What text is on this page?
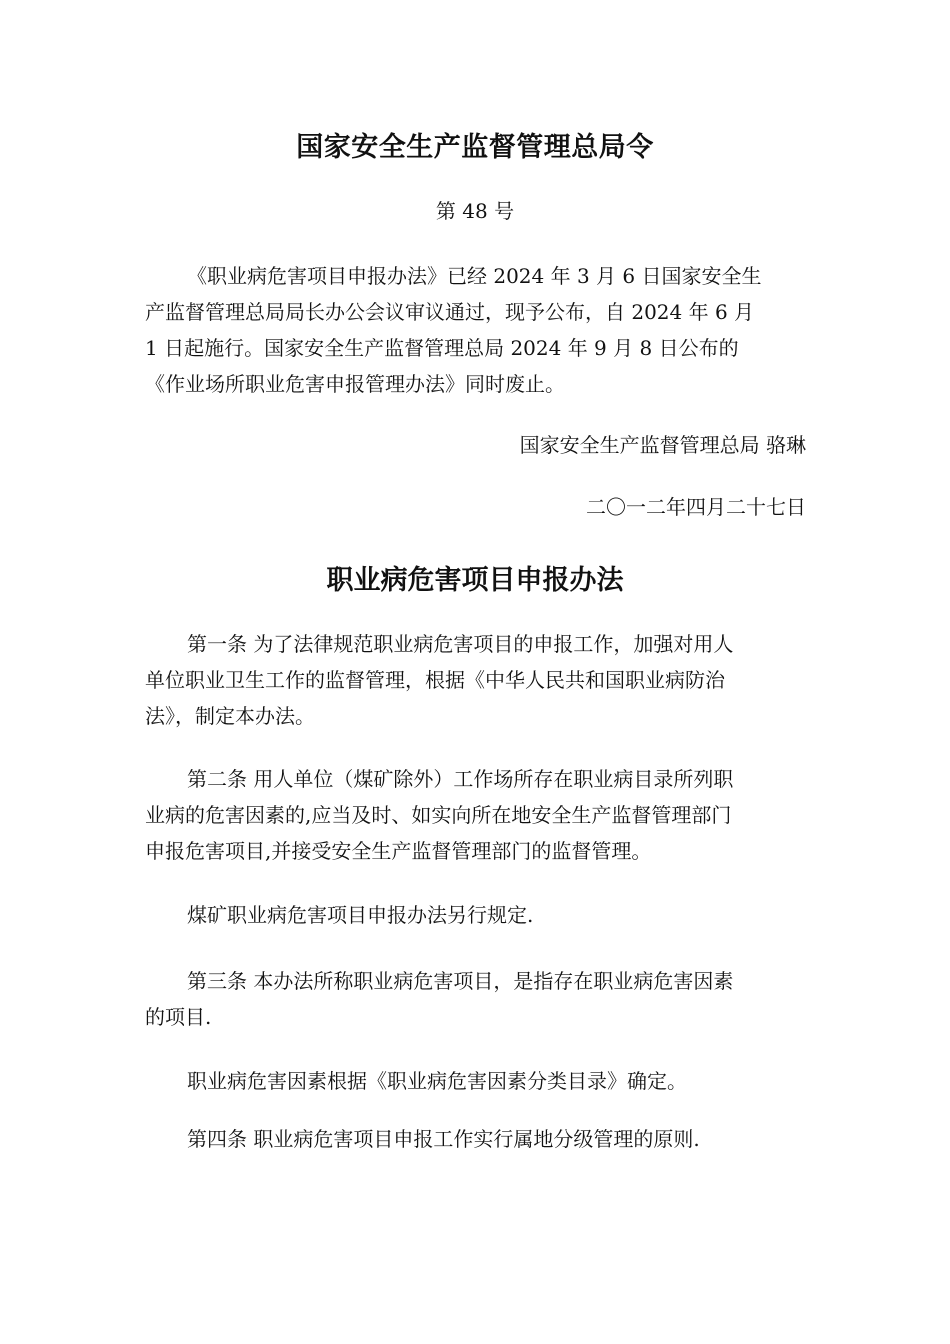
国家安全生产监督管理总局令
第 48 号
《职业病危害项目申报办法》已经 2024 年 3 月 6 日国家安全生
产监督管理总局局长办公会议审议通过，现予公布，自 2024 年 6 月
1 日起施行。国家安全生产监督管理总局 2024 年 9 月 8 日公布的
《作业场所职业危害申报管理办法》同时废止。
国家安全生产监督管理总局 骆琳
二〇一二年四月二十七日
职业病危害项目申报办法
第一条 为了法律规范职业病危害项目的申报工作，加强对用人
单位职业卫生工作的监督管理，根据《中华人民共和国职业病防治
法》，制定本办法。
第二条 用人单位（煤矿除外）工作场所存在职业病目录所列职
业病的危害因素的,应当及时、如实向所在地安全生产监督管理部门
申报危害项目,并接受安全生产监督管理部门的监督管理。
煤矿职业病危害项目申报办法另行规定.
第三条 本办法所称职业病危害项目，是指存在职业病危害因素
的项目.
职业病危害因素根据《职业病危害因素分类目录》确定。
第四条 职业病危害项目申报工作实行属地分级管理的原则.
